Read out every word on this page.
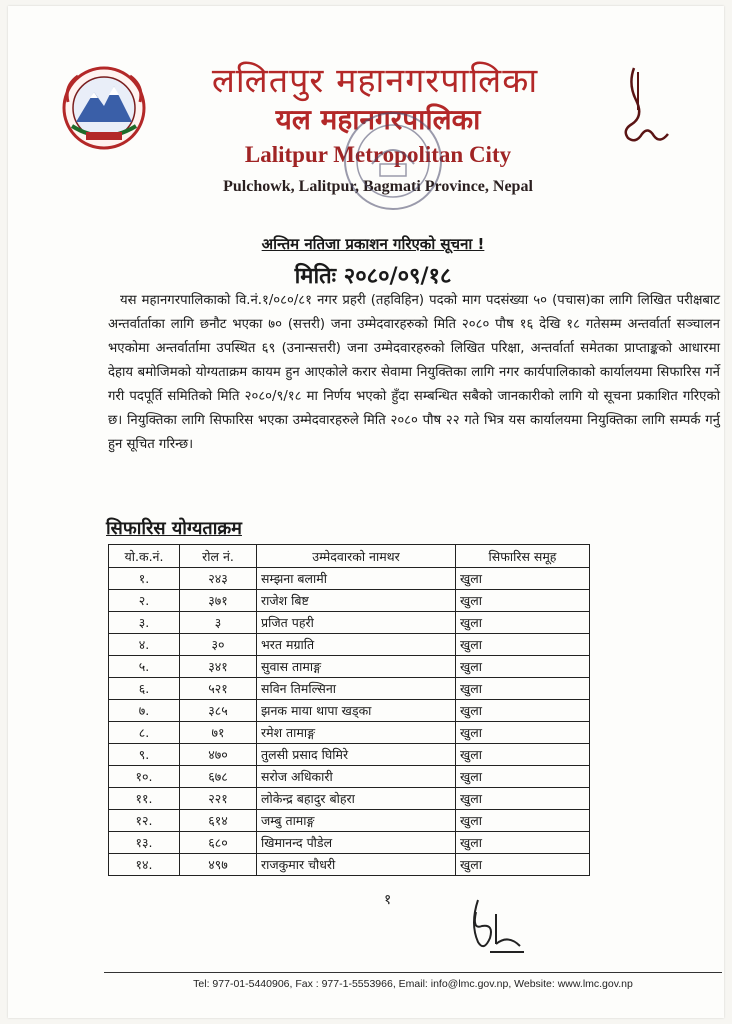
ललितपुर महानगरपालिका
यल महानगरपालिका
Lalitpur Metropolitan City
Pulchowk, Lalitpur, Bagmati Province, Nepal
अन्तिम नतिजा प्रकाशन गरिएको सूचना !
मितिः २०८०/०९/१८
यस महानगरपालिकाको वि.नं.१/०८०/८१ नगर प्रहरी (तहविहिन) पदको माग पदसंख्या ५० (पचास)का लागि लिखित परीक्षबाट अन्तर्वार्ताका लागि छनौट भएका ७० (सत्तरी) जना उम्मेदवारहरुको मिति २०८० पौष १६ देखि १८ गतेसम्म अन्तर्वार्ता सञ्चालन भएकोमा अन्तर्वार्तामा उपस्थित ६९ (उनान्सत्तरी) जना उम्मेदवारहरुको लिखित परिक्षा, अन्तर्वार्ता समेतका प्राप्ताङ्कको आधारमा देहाय बमोजिमको योग्यताक्रम कायम हुन आएकोले करार सेवामा नियुक्तिका लागि नगर कार्यपालिकाको कार्यालयमा सिफारिस गर्ने गरी पदपूर्ति समितिको मिति २०८०/९/१८ मा निर्णय भएको हुँदा सम्बन्धित सबैको जानकारीको लागि यो सूचना प्रकाशित गरिएको छ। नियुक्तिका लागि सिफारिस भएका उम्मेदवारहरुले मिति २०८० पौष २२ गते भित्र यस कार्यालयमा नियुक्तिका लागि सम्पर्क गर्नु हुन सूचित गरिन्छ।
सिफारिस योग्यताक्रम
यो.क.नं.	रोल नं.	उम्मेदवारको नामथर	सिफारिस समूह
१.	२४३	सम्झना बलामी	खुला
२.	३७१	राजेश बिष्ट	खुला
३.	३	प्रजित पहरी	खुला
४.	३०	भरत मग्राति	खुला
५.	३४१	सुवास तामाङ्ग	खुला
६.	५२१	सविन तिमल्सिना	खुला
७.	३८५	झनक माया थापा खड्का	खुला
८.	७१	रमेश तामाङ्ग	खुला
९.	४७०	तुलसी प्रसाद घिमिरे	खुला
१०.	६७८	सरोज अधिकारी	खुला
११.	२२१	लोकेन्द्र बहादुर बोहरा	खुला
१२.	६१४	जम्बु तामाङ्ग	खुला
१३.	६८०	खिमानन्द पौडेल	खुला
१४.	४९७	राजकुमार चौधरी	खुला
१
Tel: 977-01-5440906, Fax : 977-1-5553966, Email: info@lmc.gov.np, Website: www.lmc.gov.np
